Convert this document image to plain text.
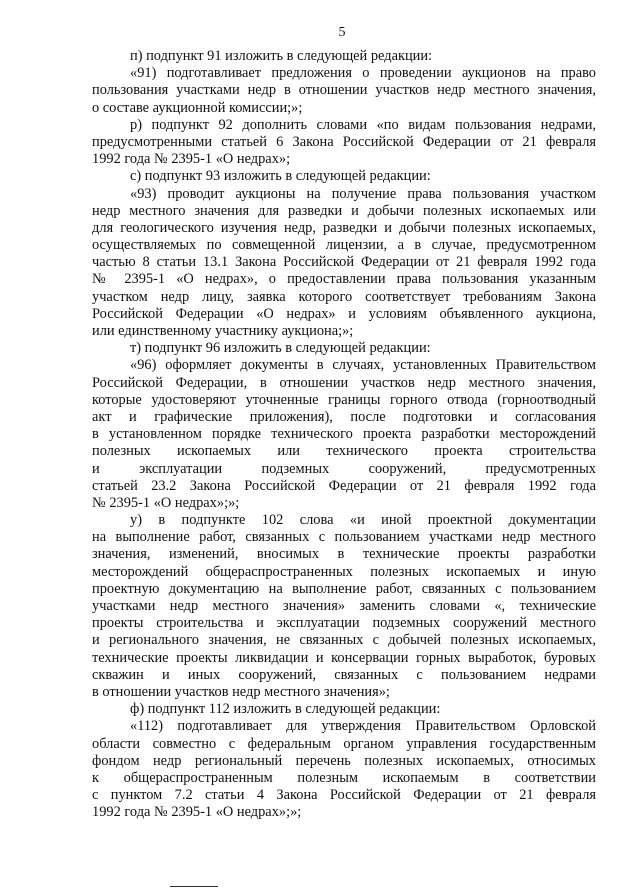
5
п) подпункт 91 изложить в следующей редакции:
«91) подготавливает предложения о проведении аукционов на право
пользования участками недр в отношении участков недр местного значения,
о составе аукционной комиссии;»;
р) подпункт 92 дополнить словами «по видам пользования недрами,
предусмотренными статьей 6 Закона Российской Федерации от 21 февраля
1992 года № 2395-1 «О недрах»;
с) подпункт 93 изложить в следующей редакции:
«93) проводит аукционы на получение права пользования участком
недр местного значения для разведки и добычи полезных ископаемых или
для геологического изучения недр, разведки и добычи полезных ископаемых,
осуществляемых по совмещенной лицензии, а в случае, предусмотренном
частью 8 статьи 13.1 Закона Российской Федерации от 21 февраля 1992 года
№ 2395-1 «О недрах», о предоставлении права пользования указанным
участком недр лицу, заявка которого соответствует требованиям Закона
Российской Федерации «О недрах» и условиям объявленного аукциона,
или единственному участнику аукциона;»;
т) подпункт 96 изложить в следующей редакции:
«96) оформляет документы в случаях, установленных Правительством
Российской Федерации, в отношении участков недр местного значения,
которые удостоверяют уточненные границы горного отвода (горноотводный
акт и графические приложения), после подготовки и согласования
в установленном порядке технического проекта разработки месторождений
полезных ископаемых или технического проекта строительства
и эксплуатации подземных сооружений, предусмотренных
статьей 23.2 Закона Российской Федерации от 21 февраля 1992 года
№ 2395-1 «О недрах»;»;
у) в подпункте 102 слова «и иной проектной документации
на выполнение работ, связанных с пользованием участками недр местного
значения, изменений, вносимых в технические проекты разработки
месторождений общераспространенных полезных ископаемых и иную
проектную документацию на выполнение работ, связанных с пользованием
участками недр местного значения» заменить словами «, технические
проекты строительства и эксплуатации подземных сооружений местного
и регионального значения, не связанных с добычей полезных ископаемых,
технические проекты ликвидации и консервации горных выработок, буровых
скважин и иных сооружений, связанных с пользованием недрами
в отношении участков недр местного значения»;
ф) подпункт 112 изложить в следующей редакции:
«112) подготавливает для утверждения Правительством Орловской
области совместно с федеральным органом управления государственным
фондом недр региональный перечень полезных ископаемых, относимых
к общераспространенным полезным ископаемым в соответствии
с пунктом 7.2 статьи 4 Закона Российской Федерации от 21 февраля
1992 года № 2395-1 «О недрах»;»;
